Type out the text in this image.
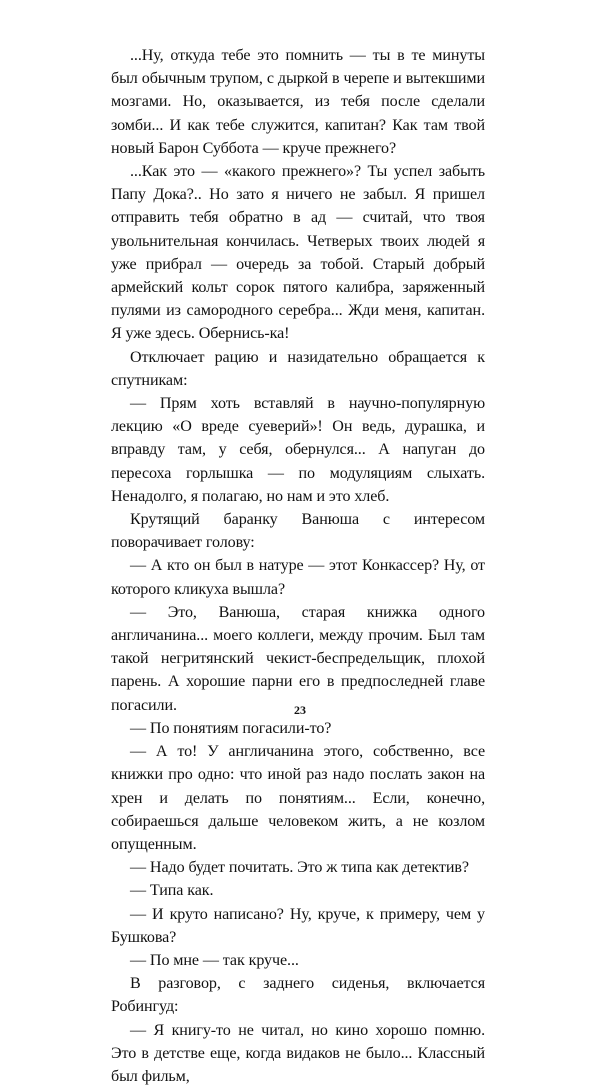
...Ну, откуда тебе это помнить — ты в те минуты был обычным трупом, с дыркой в черепе и вытекшими мозгами. Но, оказывается, из тебя после сделали зомби... И как тебе служится, капитан? Как там твой новый Барон Суббота — круче прежнего?

...Как это — «какого прежнего»? Ты успел забыть Папу Дока?.. Но зато я ничего не забыл. Я пришел отправить тебя обратно в ад — считай, что твоя увольнительная кончилась. Четверых твоих людей я уже прибрал — очередь за тобой. Старый добрый армейский кольт сорок пятого калибра, заряженный пулями из самородного серебра... Жди меня, капитан. Я уже здесь. Обернись-ка!

Отключает рацию и назидательно обращается к спутникам:

— Прям хоть вставляй в научно-популярную лекцию «О вреде суеверий»! Он ведь, дурашка, и вправду там, у себя, обернулся... А напуган до пересоха горлышка — по модуляциям слыхать. Ненадолго, я полагаю, но нам и это хлеб.

Крутящий баранку Ванюша с интересом поворачивает голову:

— А кто он был в натуре — этот Конкассер? Ну, от которого кликуха вышла?

— Это, Ванюша, старая книжка одного англичанина... моего коллеги, между прочим. Был там такой негритянский чекист-беспредельщик, плохой парень. А хорошие парни его в предпоследней главе погасили.

— По понятиям погасили-то?

— А то! У англичанина этого, собственно, все книжки про одно: что иной раз надо послать закон на хрен и делать по понятиям... Если, конечно, собираешься дальше человеком жить, а не козлом опущенным.

— Надо будет почитать. Это ж типа как детектив?

— Типа как.

— И круто написано? Ну, круче, к примеру, чем у Бушкова?

— По мне — так круче...

В разговор, с заднего сиденья, включается Робингуд:

— Я книгу-то не читал, но кино хорошо помню. Это в детстве еще, когда видаков не было... Классный был фильм,

23
